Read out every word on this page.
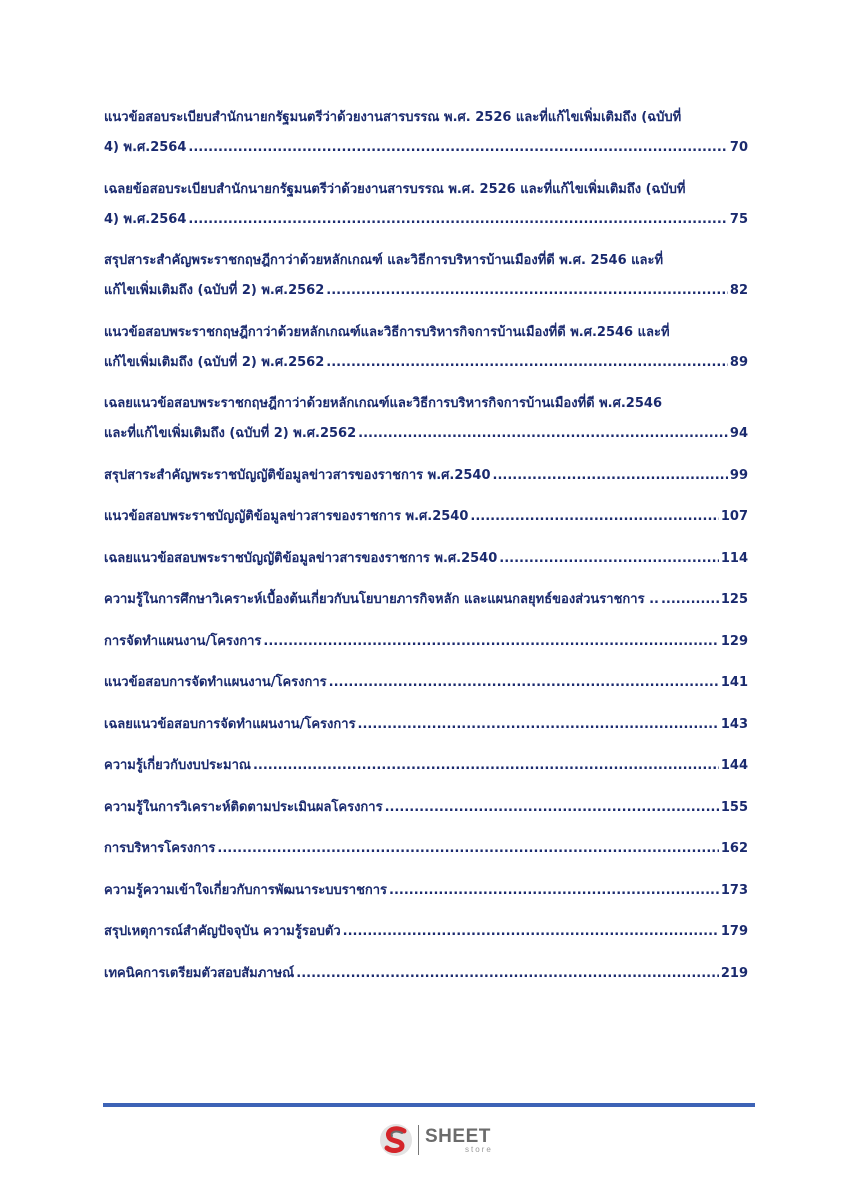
แนวข้อสอบระเบียบสำนักนายกรัฐมนตรีว่าด้วยงานสารบรรณ พ.ศ. 2526 และที่แก้ไขเพิ่มเติมถึง (ฉบับที่
4) พ.ศ.2564 .....	70
เฉลยข้อสอบระเบียบสำนักนายกรัฐมนตรีว่าด้วยงานสารบรรณ พ.ศ. 2526 และที่แก้ไขเพิ่มเติมถึง (ฉบับที่
4) พ.ศ.2564 .....	75
สรุปสาระสำคัญพระราชกฤษฎีกาว่าด้วยหลักเกณฑ์ และวิธีการบริหารบ้านเมืองที่ดี พ.ศ. 2546 และที่
แก้ไขเพิ่มเติมถึง (ฉบับที่ 2) พ.ศ.2562 .....	82
แนวข้อสอบพระราชกฤษฎีกาว่าด้วยหลักเกณฑ์และวิธีการบริหารกิจการบ้านเมืองที่ดี พ.ศ.2546 และที่
แก้ไขเพิ่มเติมถึง (ฉบับที่ 2) พ.ศ.2562 .....	89
เฉลยแนวข้อสอบพระราชกฤษฎีกาว่าด้วยหลักเกณฑ์และวิธีการบริหารกิจการบ้านเมืองที่ดี พ.ศ.2546
และที่แก้ไขเพิ่มเติมถึง (ฉบับที่ 2) พ.ศ.2562 .....	94
สรุปสาระสำคัญพระราชบัญญัติข้อมูลข่าวสารของราชการ พ.ศ.2540 .....	99
แนวข้อสอบพระราชบัญญัติข้อมูลข่าวสารของราชการ พ.ศ.2540 .....	107
เฉลยแนวข้อสอบพระราชบัญญัติข้อมูลข่าวสารของราชการ พ.ศ.2540 .....	114
ความรู้ในการศึกษาวิเคราะห์เบื้องต้นเกี่ยวกับนโยบายภารกิจหลัก และแผนกลยุทธ์ของส่วนราชการ .. .....	125
การจัดทำแผนงาน/โครงการ .....	129
แนวข้อสอบการจัดทำแผนงาน/โครงการ .....	141
เฉลยแนวข้อสอบการจัดทำแผนงาน/โครงการ .....	143
ความรู้เกี่ยวกับงบประมาณ .....	144
ความรู้ในการวิเคราะห์ติดตามประเมินผลโครงการ .....	155
การบริหารโครงการ .....	162
ความรู้ความเข้าใจเกี่ยวกับการพัฒนาระบบราชการ .....	173
สรุปเหตุการณ์สำคัญปัจจุบัน ความรู้รอบตัว .....	179
เทคนิคการเตรียมตัวสอบสัมภาษณ์ .....	219
SHEET
store
